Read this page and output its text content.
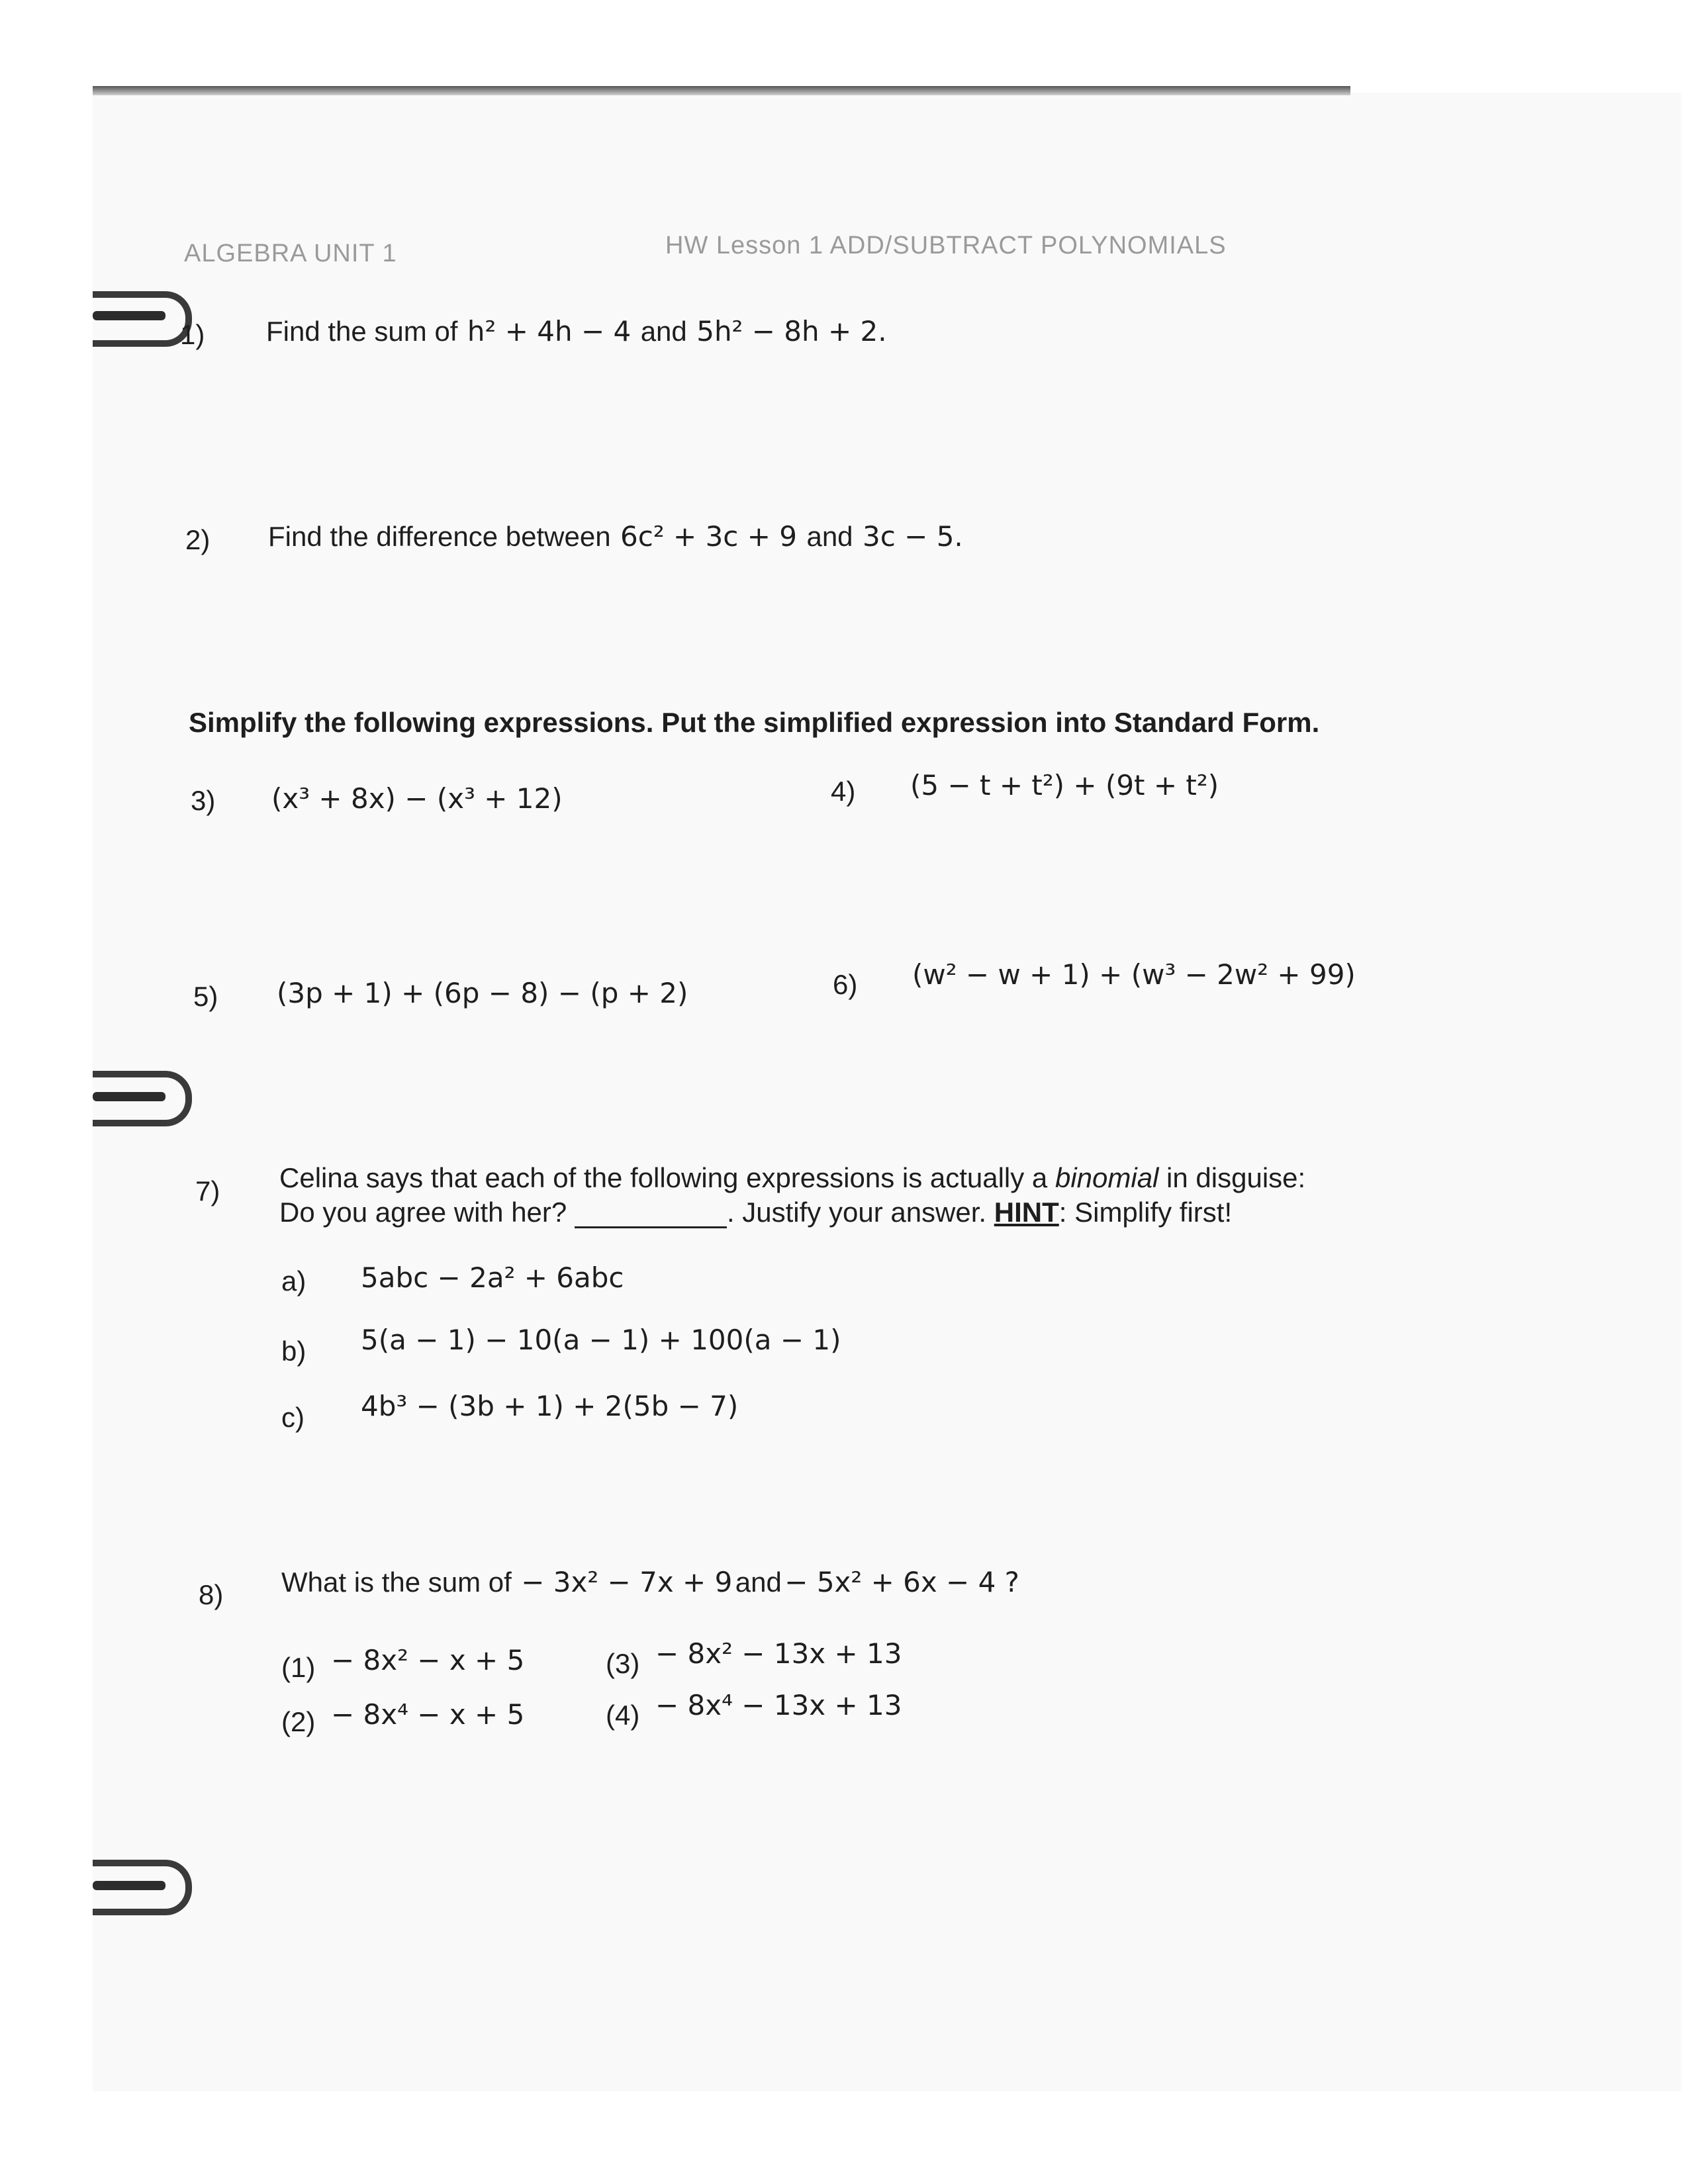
ALGEBRA UNIT 1	HW Lesson 1 ADD/SUBTRACT POLYNOMIALS
1) Find the sum of h² + 4h − 4 and 5h² − 8h + 2.
2) Find the difference between 6c² + 3c + 9 and 3c − 5.

Simplify the following expressions. Put the simplified expression into Standard Form.
3) (x³ + 8x) − (x³ + 12)	4) (5 − t + t²) + (9t + t²)
5) (3p + 1) + (6p − 8) − (p + 2)	6) (w² − w + 1) + (w³ − 2w² + 99)
7) Celina says that each of the following expressions is actually a binomial in disguise:
Do you agree with her?	. Justify your answer. HINT: Simplify first!
a) 5abc − 2a² + 6abc
b) 5(a − 1) − 10(a − 1) + 100(a − 1)
c) 4b³ − (3b + 1) + 2(5b − 7)
8) What is the sum of − 3x² − 7x + 9 and − 5x² + 6x − 4 ?
(1) − 8x² − x + 5
(2) − 8x⁴ − x + 5
(3) − 8x² − 13x + 13
(4) − 8x⁴ − 13x + 13
